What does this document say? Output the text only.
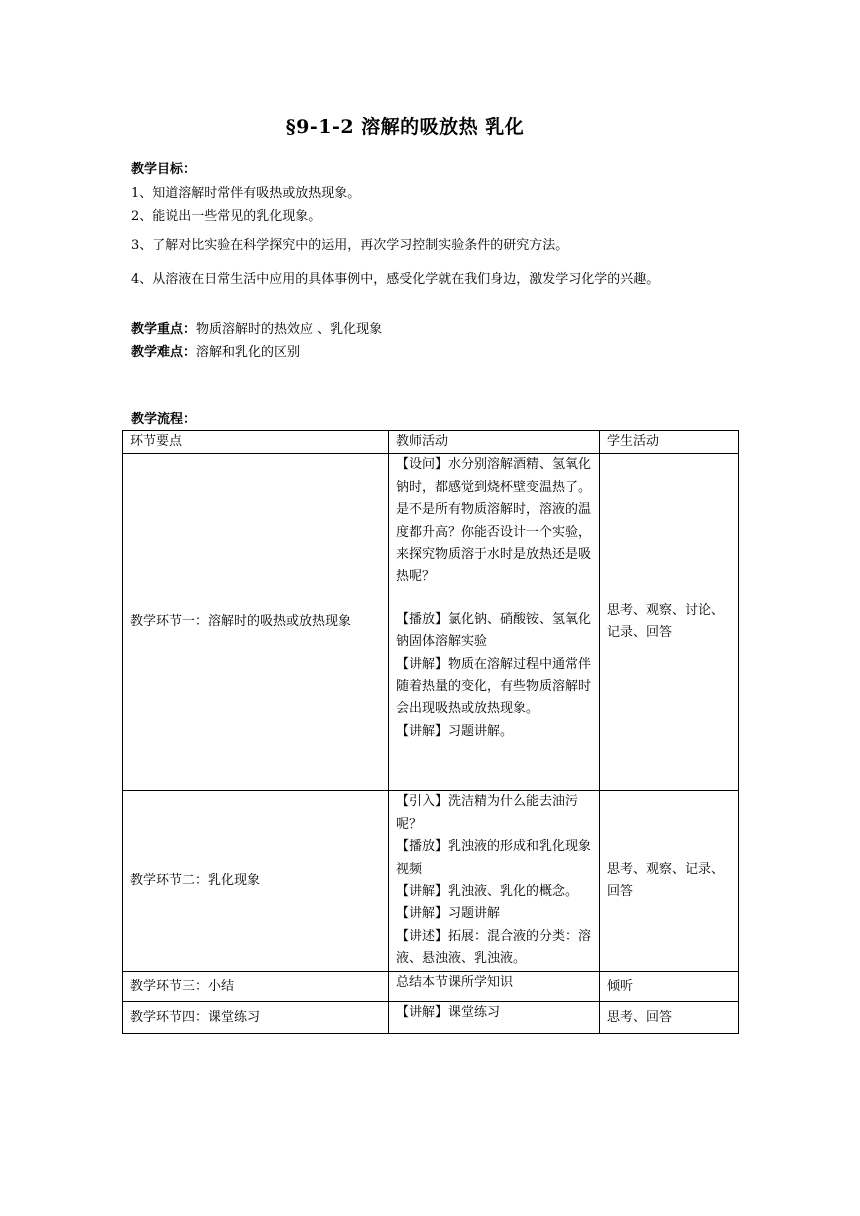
§9-1-2 溶解的吸放热 乳化
教学目标：
1、知道溶解时常伴有吸热或放热现象。
2、能说出一些常见的乳化现象。
3、了解对比实验在科学探究中的运用，再次学习控制实验条件的研究方法。
4、从溶液在日常生活中应用的具体事例中，感受化学就在我们身边，激发学习化学的兴趣。
教学重点：物质溶解时的热效应 、乳化现象
教学难点：溶解和乳化的区别
教学流程：
环节要点	教师活动	学生活动
教学环节一：溶解时的吸热或放热现象	【设问】水分别溶解酒精、氢氧化钠时，都感觉到烧杯壁变温热了。是不是所有物质溶解时，溶液的温度都升高？你能否设计一个实验，来探究物质溶于水时是放热还是吸热呢？
【播放】氯化钠、硝酸铵、氢氧化钠固体溶解实验
【讲解】物质在溶解过程中通常伴随着热量的变化，有些物质溶解时会出现吸热或放热现象。
【讲解】习题讲解。	思考、观察、讨论、记录、回答
教学环节二：乳化现象	【引入】洗洁精为什么能去油污呢？
【播放】乳浊液的形成和乳化现象视频
【讲解】乳浊液、乳化的概念。
【讲解】习题讲解
【讲述】拓展：混合液的分类：溶液、悬浊液、乳浊液。	思考、观察、记录、回答
教学环节三：小结	总结本节课所学知识	倾听
教学环节四：课堂练习	【讲解】课堂练习	思考、回答
